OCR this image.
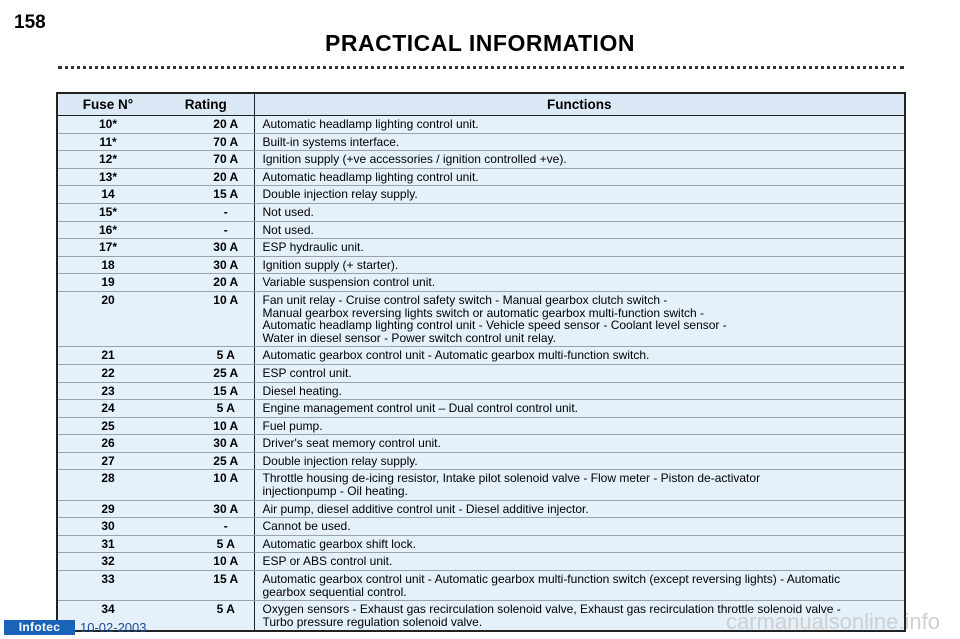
158
PRACTICAL INFORMATION
Fuse N°	Rating	Functions
10*	20 A	Automatic headlamp lighting control unit.
11*	70 A	Built-in systems interface.
12*	70 A	Ignition supply (+ve accessories / ignition controlled +ve).
13*	20 A	Automatic headlamp lighting control unit.
14	15 A	Double injection relay supply.
15*	-	Not used.
16*	-	Not used.
17*	30 A	ESP hydraulic unit.
18	30 A	Ignition supply (+ starter).
19	20 A	Variable suspension control unit.
20	10 A	Fan unit relay - Cruise control safety switch - Manual gearbox clutch switch -
Manual gearbox reversing lights switch or automatic gearbox multi-function switch -
Automatic headlamp lighting control unit - Vehicle speed sensor - Coolant level sensor -
Water in diesel sensor - Power switch control unit relay.
21	5 A	Automatic gearbox control unit - Automatic gearbox multi-function switch.
22	25 A	ESP control unit.
23	15 A	Diesel heating.
24	5 A	Engine management control unit – Dual control control unit.
25	10 A	Fuel pump.
26	30 A	Driver's seat memory control unit.
27	25 A	Double injection relay supply.
28	10 A	Throttle housing de-icing resistor, Intake pilot solenoid valve - Flow meter - Piston de-activator
injectionpump - Oil heating.
29	30 A	Air pump, diesel additive control unit - Diesel additive injector.
30	-	Cannot be used.
31	5 A	Automatic gearbox shift lock.
32	10 A	ESP or ABS control unit.
33	15 A	Automatic gearbox control unit - Automatic gearbox multi-function switch (except reversing lights) - Automatic
gearbox sequential control.
34	5 A	Oxygen sensors - Exhaust gas recirculation solenoid valve, Exhaust gas recirculation throttle solenoid valve -
Turbo pressure regulation solenoid valve.
Infotec	10-02-2003	carmanualsonline.info
